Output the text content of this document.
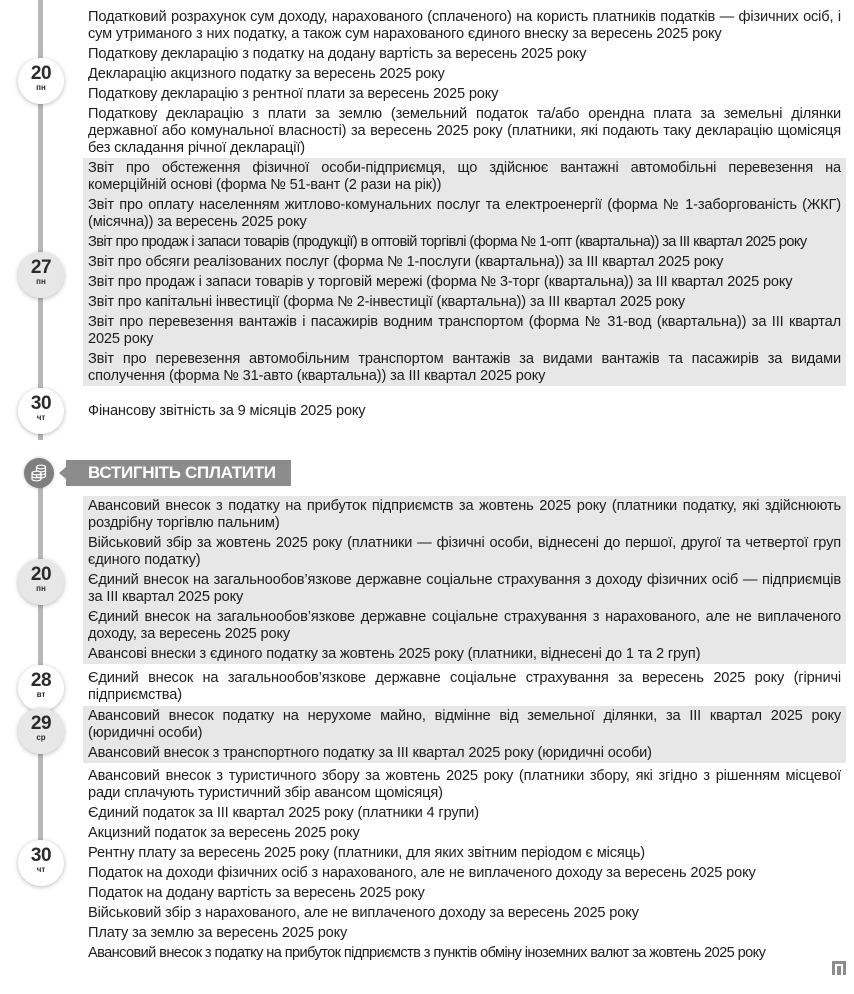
Податковий розрахунок сум доходу, нарахованого (сплаченого) на користь платників податків — фізичних осіб, і сум утриманого з них податку, а також сум нарахованого єдиного внеску за вересень 2025 року
Податкову декларацію з податку на додану вартість за вересень 2025 року
Декларацію акцизного податку за вересень 2025 року
Податкову декларацію з рентної плати за вересень 2025 року
Податкову декларацію з плати за землю (земельний податок та/або орендна плата за земельні ділянки державної або комунальної власності) за вересень 2025 року (платники, які подають таку декларацію щомісяця без складання річної декларації)
20
пн
Звіт про обстеження фізичної особи-підприємця, що здійснює вантажні автомобільні перевезення на комерційній основі (форма № 51-вант (2 рази на рік))
Звіт про оплату населенням житлово-комунальних послуг та електроенергії (форма № 1-заборгованість (ЖКГ) (місячна)) за вересень 2025 року
Звіт про продаж і запаси товарів (продукції) в оптовій торгівлі (форма № 1-опт (квартальна)) за III квартал 2025 року
Звіт про обсяги реалізованих послуг (форма № 1-послуги (квартальна)) за III квартал 2025 року
Звіт про продаж і запаси товарів у торговій мережі (форма № 3-торг (квартальна)) за III квартал 2025 року
Звіт про капітальні інвестиції (форма № 2-інвестиції (квартальна)) за III квартал 2025 року
Звіт про перевезення вантажів і пасажирів водним транспортом (форма № 31-вод (квартальна)) за III квартал 2025 року
Звіт про перевезення автомобільним транспортом вантажів за видами вантажів та пасажирів за видами сполучення (форма № 31-авто (квартальна)) за III квартал 2025 року
27
пн
Фінансову звітність за 9 місяців 2025 року
30
чт
ВСТИГНІТЬ СПЛАТИТИ
Авансовий внесок з податку на прибуток підприємств за жовтень 2025 року (платники податку, які здійснюють роздрібну торгівлю пальним)
Військовий збір за жовтень 2025 року (платники — фізичні особи, віднесені до першої, другої та четвертої груп єдиного податку)
Єдиний внесок на загальнообов’язкове державне соціальне страхування з доходу фізичних осіб — підприємців за III квартал 2025 року
Єдиний внесок на загальнообов’язкове державне соціальне страхування з нарахованого, але не виплаченого доходу, за вересень 2025 року
Авансові внески з єдиного податку за жовтень 2025 року (платники, віднесені до 1 та 2 груп)
20
пн
Єдиний внесок на загальнообов’язкове державне соціальне страхування за вересень 2025 року (гірничі підприємства)
28
вт
Авансовий внесок податку на нерухоме майно, відмінне від земельної ділянки, за III квартал 2025 року (юридичні особи)
Авансовий внесок з транспортного податку за III квартал 2025 року (юридичні особи)
29
ср
Авансовий внесок з туристичного збору за жовтень 2025 року (платники збору, які згідно з рішенням місцевої ради сплачують туристичний збір авансом щомісяця)
Єдиний податок за III квартал 2025 року (платники 4 групи)
Акцизний податок за вересень 2025 року
Рентну плату за вересень 2025 року (платники, для яких звітним періодом є місяць)
Податок на доходи фізичних осіб з нарахованого, але не виплаченого доходу за вересень 2025 року
Податок на додану вартість за вересень 2025 року
Військовий збір з нарахованого, але не виплаченого доходу за вересень 2025 року
Плату за землю за вересень 2025 року
Авансовий внесок з податку на прибуток підприємств з пунктів обміну іноземних валют за жовтень 2025 року
30
чт
